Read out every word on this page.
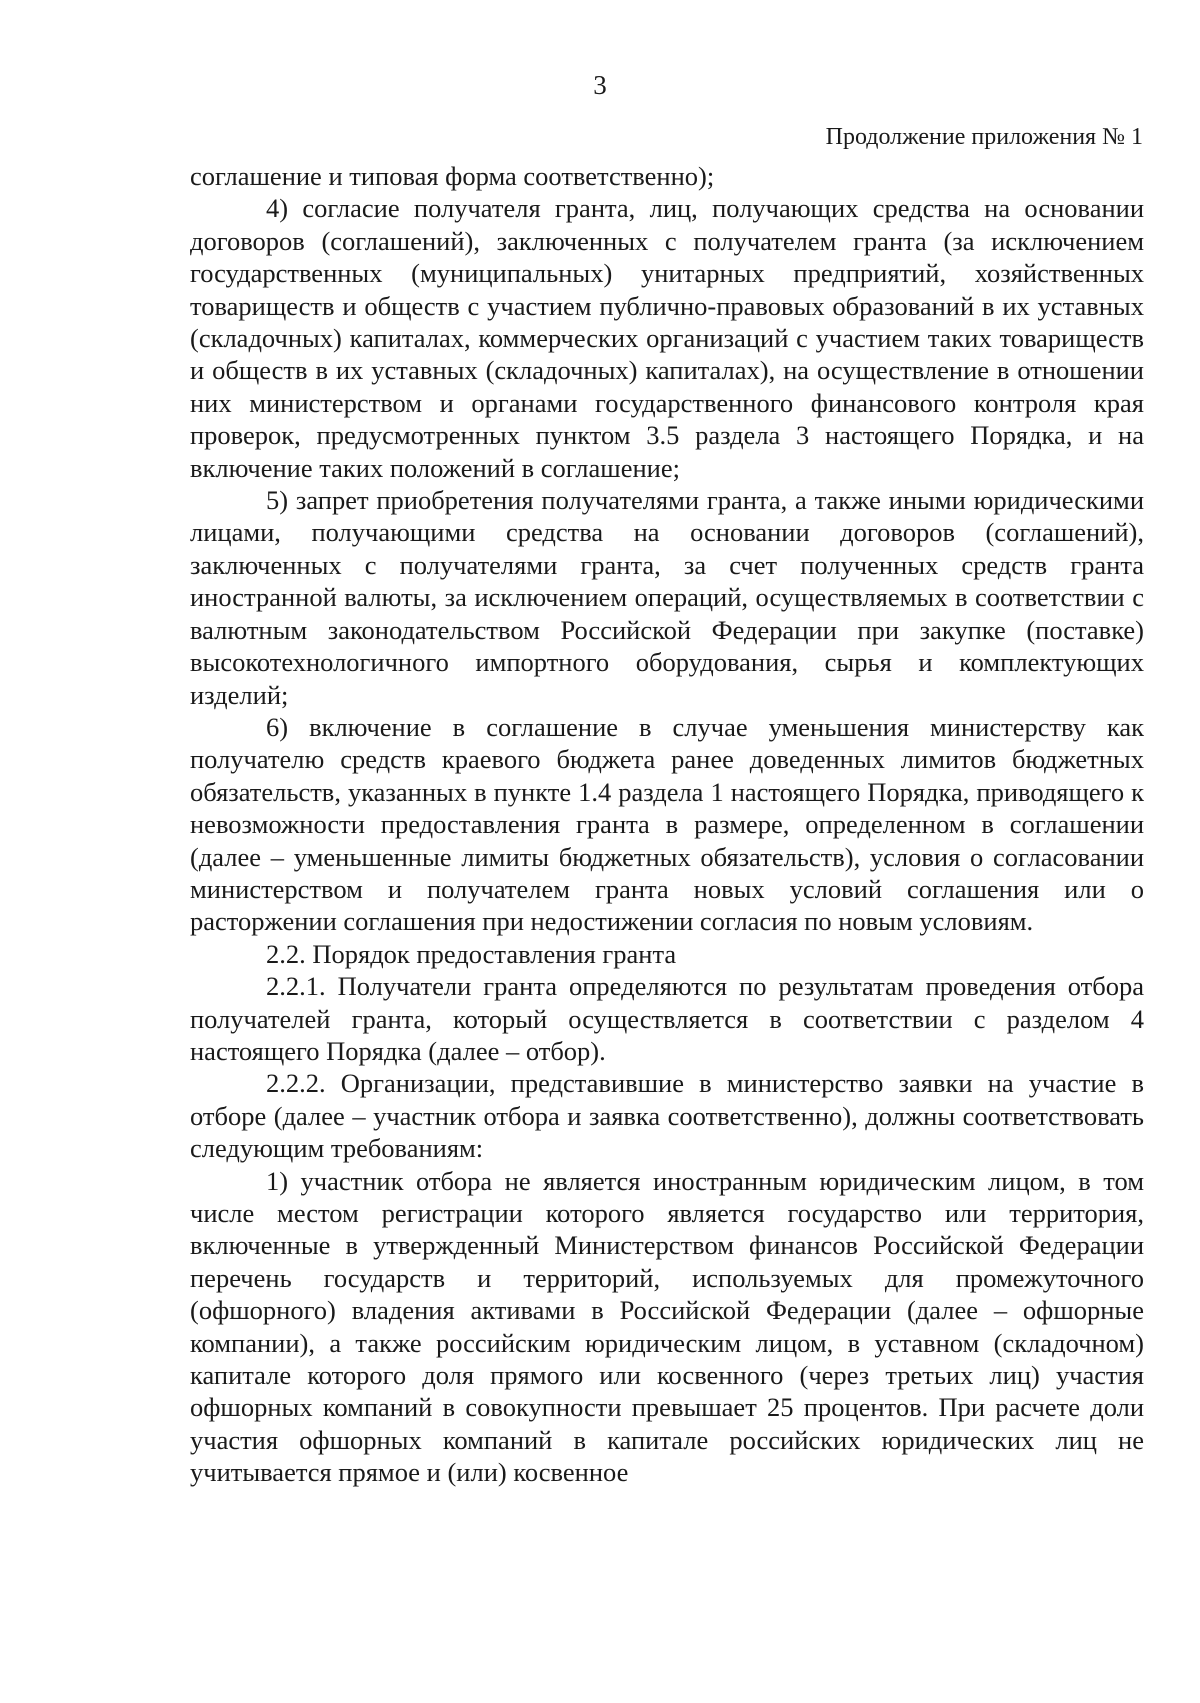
3
Продолжение приложения № 1

соглашение и типовая форма соответственно);

4) согласие получателя гранта, лиц, получающих средства на основании договоров (соглашений), заключенных с получателем гранта (за исключением государственных (муниципальных) унитарных предприятий, хозяйственных товариществ и обществ с участием публично-правовых образований в их уставных (складочных) капиталах, коммерческих организаций с участием таких товариществ и обществ в их уставных (складочных) капиталах), на осуществление в отношении них министерством и органами государственного финансового контроля края проверок, предусмотренных пунктом 3.5 раздела 3 настоящего Порядка, и на включение таких положений в соглашение;

5) запрет приобретения получателями гранта, а также иными юридическими лицами, получающими средства на основании договоров (соглашений), заключенных с получателями гранта, за счет полученных средств гранта иностранной валюты, за исключением операций, осуществляемых в соответствии с валютным законодательством Российской Федерации при закупке (поставке) высокотехнологичного импортного оборудования, сырья и комплектующих изделий;

6) включение в соглашение в случае уменьшения министерству как получателю средств краевого бюджета ранее доведенных лимитов бюджетных обязательств, указанных в пункте 1.4 раздела 1 настоящего Порядка, приводящего к невозможности предоставления гранта в размере, определенном в соглашении (далее – уменьшенные лимиты бюджетных обязательств), условия о согласовании министерством и получателем гранта новых условий соглашения или о расторжении соглашения при недостижении согласия по новым условиям.

2.2. Порядок предоставления гранта

2.2.1. Получатели гранта определяются по результатам проведения отбора получателей гранта, который осуществляется в соответствии с разделом 4 настоящего Порядка (далее – отбор).

2.2.2. Организации, представившие в министерство заявки на участие в отборе (далее – участник отбора и заявка соответственно), должны соответствовать следующим требованиям:

1) участник отбора не является иностранным юридическим лицом, в том числе местом регистрации которого является государство или территория, включенные в утвержденный Министерством финансов Российской Федерации перечень государств и территорий, используемых для промежуточного (офшорного) владения активами в Российской Федерации (далее – офшорные компании), а также российским юридическим лицом, в уставном (складочном) капитале которого доля прямого или косвенного (через третьих лиц) участия офшорных компаний в совокупности превышает 25 процентов. При расчете доли участия офшорных компаний в капитале российских юридических лиц не учитывается прямое и (или) косвенное
